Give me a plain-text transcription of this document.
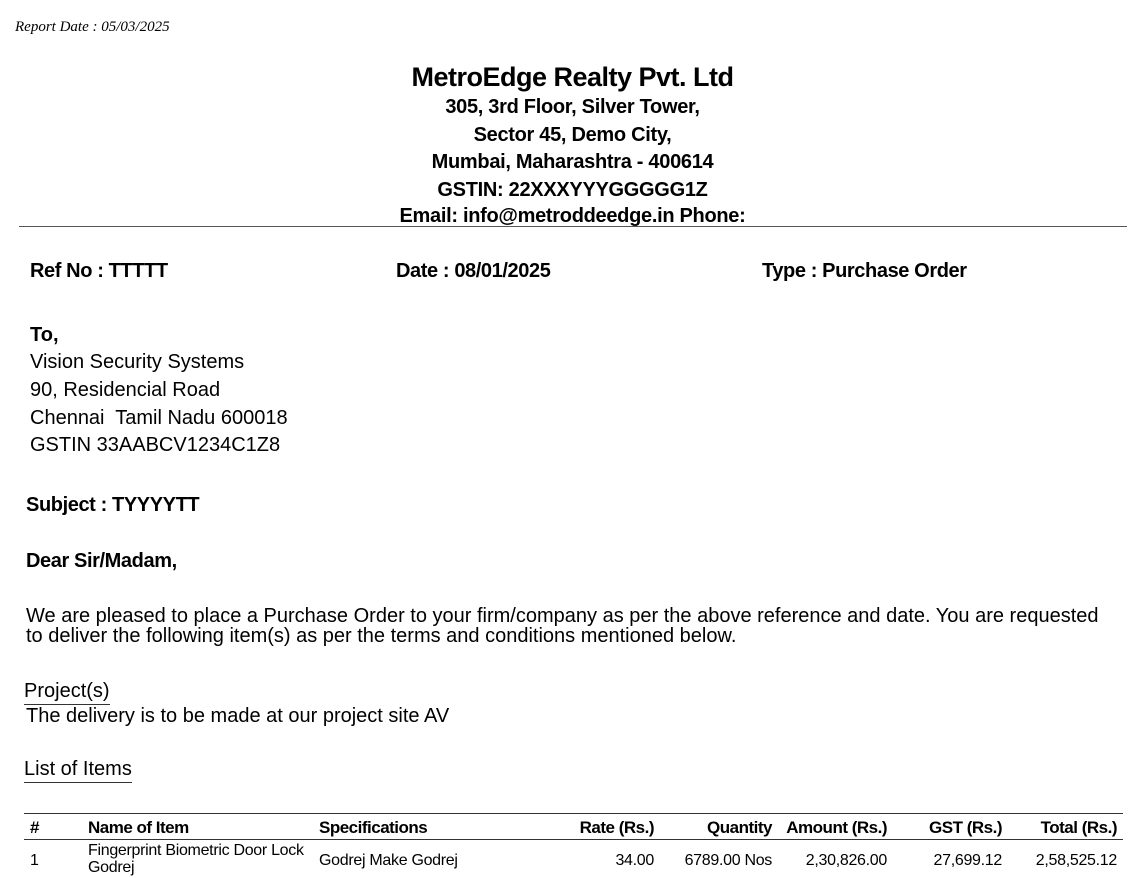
Report Date : 05/03/2025
MetroEdge Realty Pvt. Ltd
305, 3rd Floor, Silver Tower,
Sector 45, Demo City,
Mumbai, Maharashtra - 400614
GSTIN: 22XXXYYYGGGGG1Z
Email: info@metroddeedge.in Phone:
Ref No : TTTTT	Date : 08/01/2025	Type : Purchase Order
To,
Vision Security Systems
90, Residencial Road
Chennai  Tamil Nadu 600018
GSTIN 33AABCV1234C1Z8
Subject : TYYYYTT
Dear Sir/Madam,
We are pleased to place a Purchase Order to your firm/company as per the above reference and date. You are requested to deliver the following item(s) as per the terms and conditions mentioned below.
Project(s)
The delivery is to be made at our project site AV
List of Items
#	Name of Item	Specifications	Rate (Rs.)	Quantity	Amount (Rs.)	GST (Rs.)	Total (Rs.)
1	Fingerprint Biometric Door Lock Godrej	Godrej Make Godrej	34.00	6789.00 Nos	2,30,826.00	27,699.12	2,58,525.12
